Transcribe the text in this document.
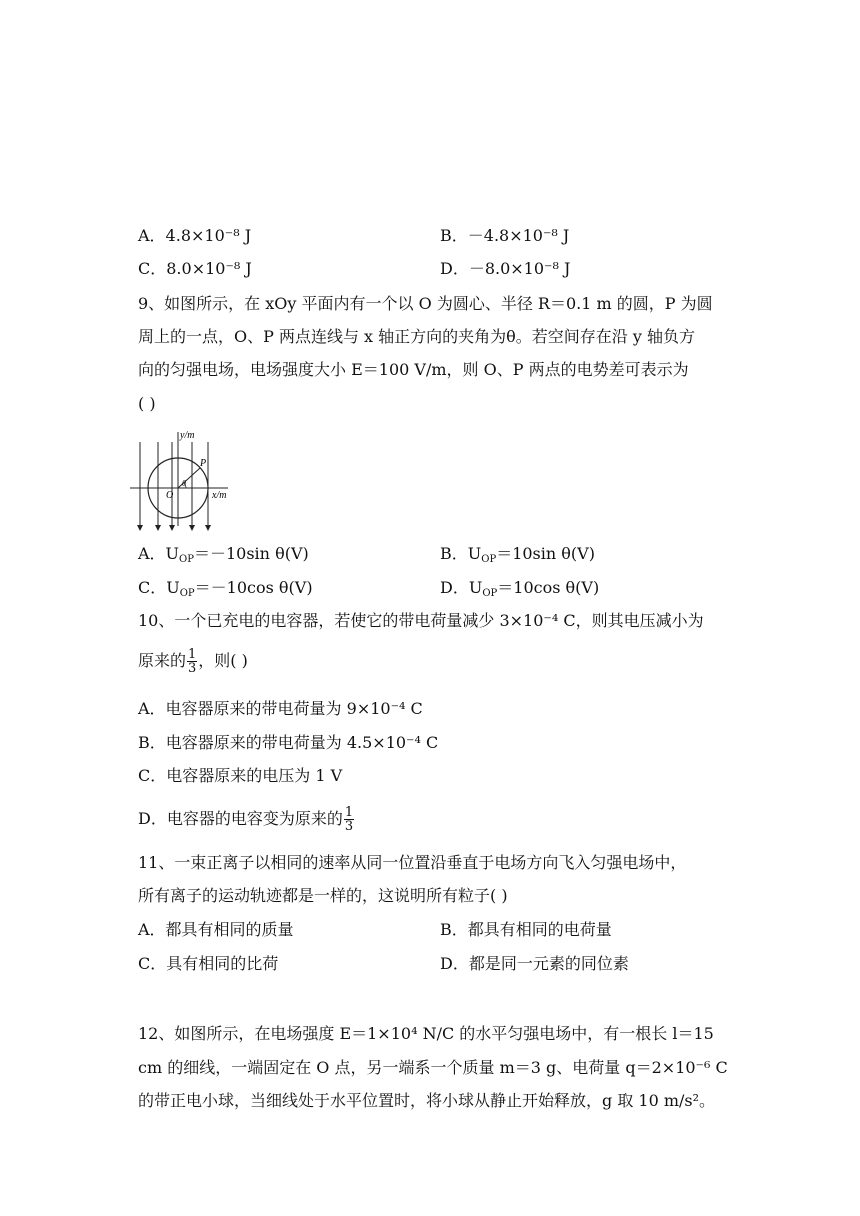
A．4.8×10⁻⁸ J	B．－4.8×10⁻⁸ J
C．8.0×10⁻⁸ J	D．－8.0×10⁻⁸ J
9、如图所示，在 xOy 平面内有一个以 O 为圆心、半径 R＝0.1 m 的圆，P 为圆
周上的一点，O、P 两点连线与 x 轴正方向的夹角为θ。若空间存在沿 y 轴负方
向的匀强电场，电场强度大小 E＝100 V/m，则 O、P 两点的电势差可表示为
( )
y/m
x/m
O
P
θ
A．$U_{OP}=-10\sin$ θ(V)	B．$U_{OP}=10\sin$ θ(V)
C．$U_{OP}=-10\cos$ θ(V)	D．$U_{OP}=10\cos$ θ(V)
10、一个已充电的电容器，若使它的带电荷量减少 3×10⁻⁴ C，则其电压减小为
原来的 $\frac{1}{3}$ ，则( )
A．电容器原来的带电荷量为 9×10⁻⁴ C
B．电容器原来的带电荷量为 4.5×10⁻⁴ C
C．电容器原来的电压为 1 V
D．电容器的电容变为原来的 $\frac{1}{3}$
11、一束正离子以相同的速率从同一位置沿垂直于电场方向飞入匀强电场中，
所有离子的运动轨迹都是一样的，这说明所有粒子( )
A．都具有相同的质量	B．都具有相同的电荷量
C．具有相同的比荷	D．都是同一元素的同位素
12、如图所示，在电场强度 E＝1×10⁴ N/C 的水平匀强电场中，有一根长 l＝15
cm 的细线，一端固定在 O 点，另一端系一个质量 m＝3 g、电荷量 q＝2×10⁻⁶ C
的带正电小球，当细线处于水平位置时，将小球从静止开始释放，g 取 10 m/s²。
